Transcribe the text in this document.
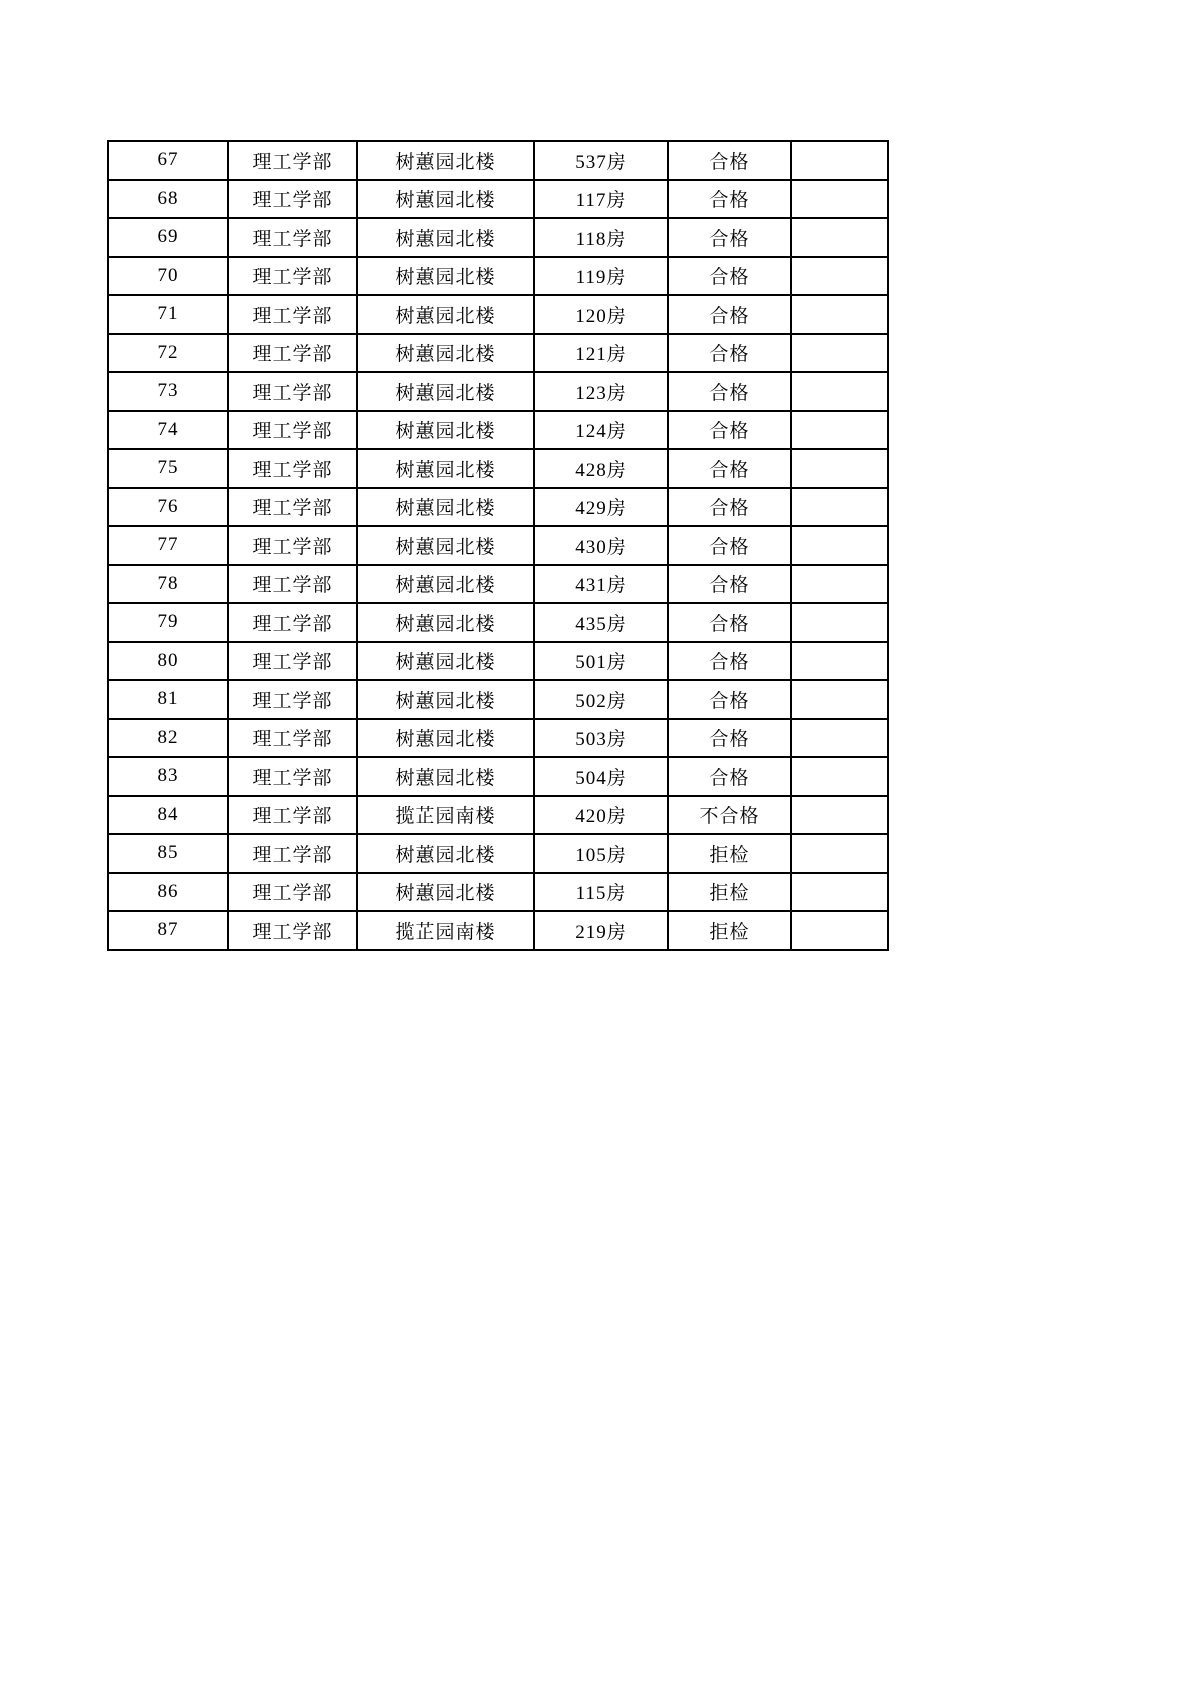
67	理工学部	树蕙园北楼	537房	合格	
68	理工学部	树蕙园北楼	117房	合格	
69	理工学部	树蕙园北楼	118房	合格	
70	理工学部	树蕙园北楼	119房	合格	
71	理工学部	树蕙园北楼	120房	合格	
72	理工学部	树蕙园北楼	121房	合格	
73	理工学部	树蕙园北楼	123房	合格	
74	理工学部	树蕙园北楼	124房	合格	
75	理工学部	树蕙园北楼	428房	合格	
76	理工学部	树蕙园北楼	429房	合格	
77	理工学部	树蕙园北楼	430房	合格	
78	理工学部	树蕙园北楼	431房	合格	
79	理工学部	树蕙园北楼	435房	合格	
80	理工学部	树蕙园北楼	501房	合格	
81	理工学部	树蕙园北楼	502房	合格	
82	理工学部	树蕙园北楼	503房	合格	
83	理工学部	树蕙园北楼	504房	合格	
84	理工学部	揽芷园南楼	420房	不合格	
85	理工学部	树蕙园北楼	105房	拒检	
86	理工学部	树蕙园北楼	115房	拒检	
87	理工学部	揽芷园南楼	219房	拒检	
